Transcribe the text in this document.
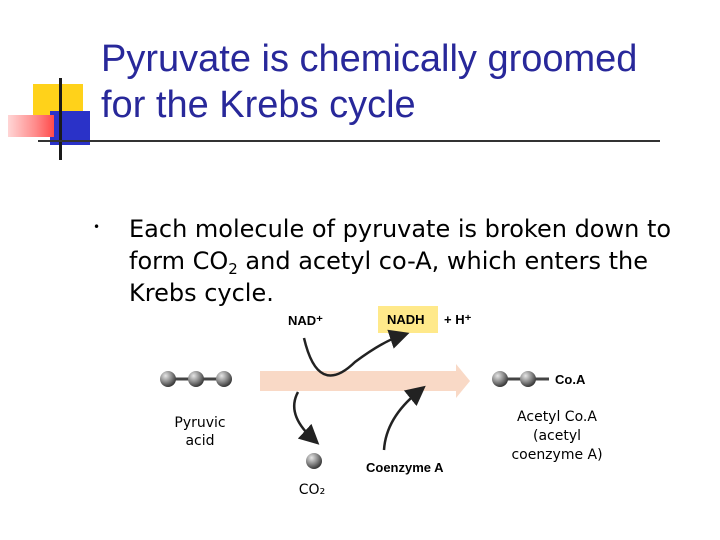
Pyruvate is chemically groomed
for the Krebs cycle
• Each molecule of pyruvate is broken down to
form $CO_2$ and acetyl co-A, which enters the
Krebs cycle.
NAD⁺	NADH + H⁺
Co.A
Coenzyme A
Pyruvic
acid
Acetyl Co.A
(acetyl
coenzyme A)
CO₂
